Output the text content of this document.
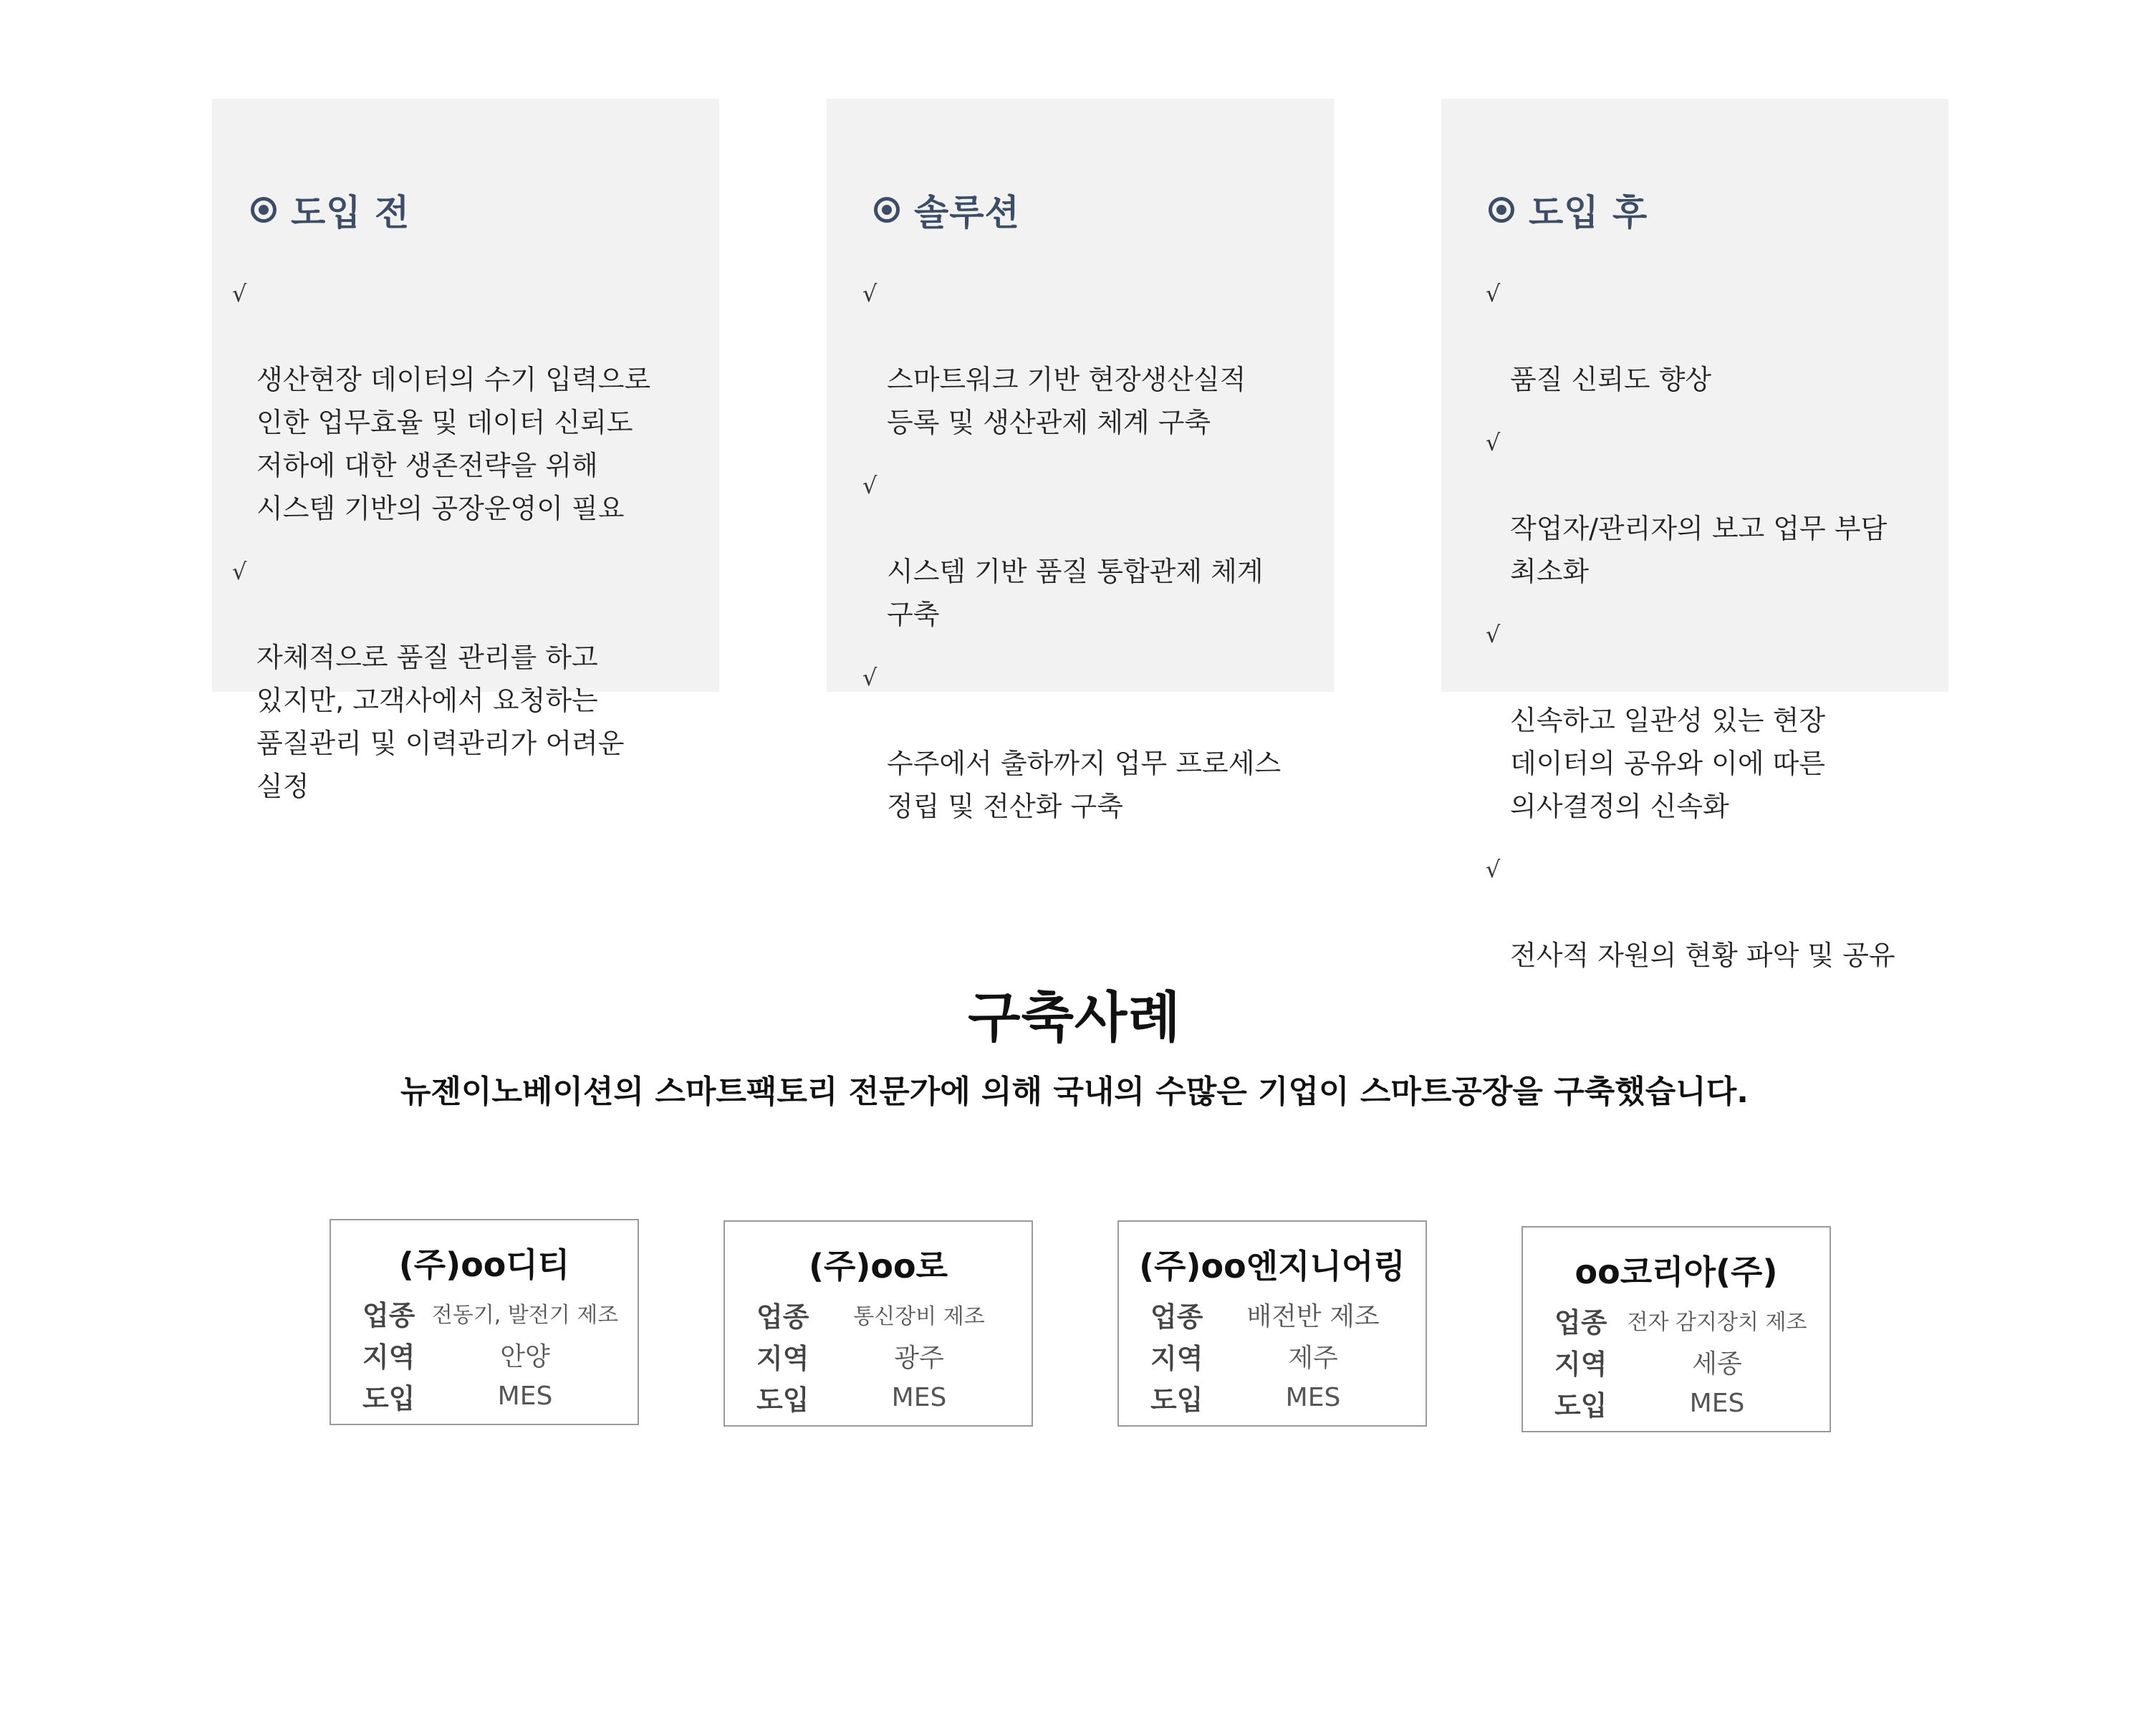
도입 전	솔루션	도입 후

√

생산현장 데이터의 수기 입력으로
인한 업무효율 및 데이터 신뢰도
저하에 대한 생존전략을 위해
시스템 기반의 공장운영이 필요

√

자체적으로 품질 관리를 하고
있지만, 고객사에서 요청하는
품질관리 및 이력관리가 어려운
실정

√

스마트워크 기반 현장생산실적
등록 및 생산관제 체계 구축

√

시스템 기반 품질 통합관제 체계
구축

√

수주에서 출하까지 업무 프로세스
정립 및 전산화 구축

√

품질 신뢰도 향상

√

작업자/관리자의 보고 업무 부담
최소화

√

신속하고 일관성 있는 현장
데이터의 공유와 이에 따른
의사결정의 신속화

√

전사적 자원의 현황 파악 및 공유

구축사례
뉴젠이노베이션의 스마트팩토리 전문가에 의해 국내의 수많은 기업이 스마트공장을 구축했습니다.
(주)oo디티
업종 전동기, 발전기 제조
지역	안양
도입	MES
(주)oo로
업종	통신장비 제조
지역	광주
도입	MES
(주)oo엔지니어링
업종	배전반 제조
지역	제주
도입	MES
oo코리아(주)
업종 전자 감지장치 제조
지역	세종
도입	MES
